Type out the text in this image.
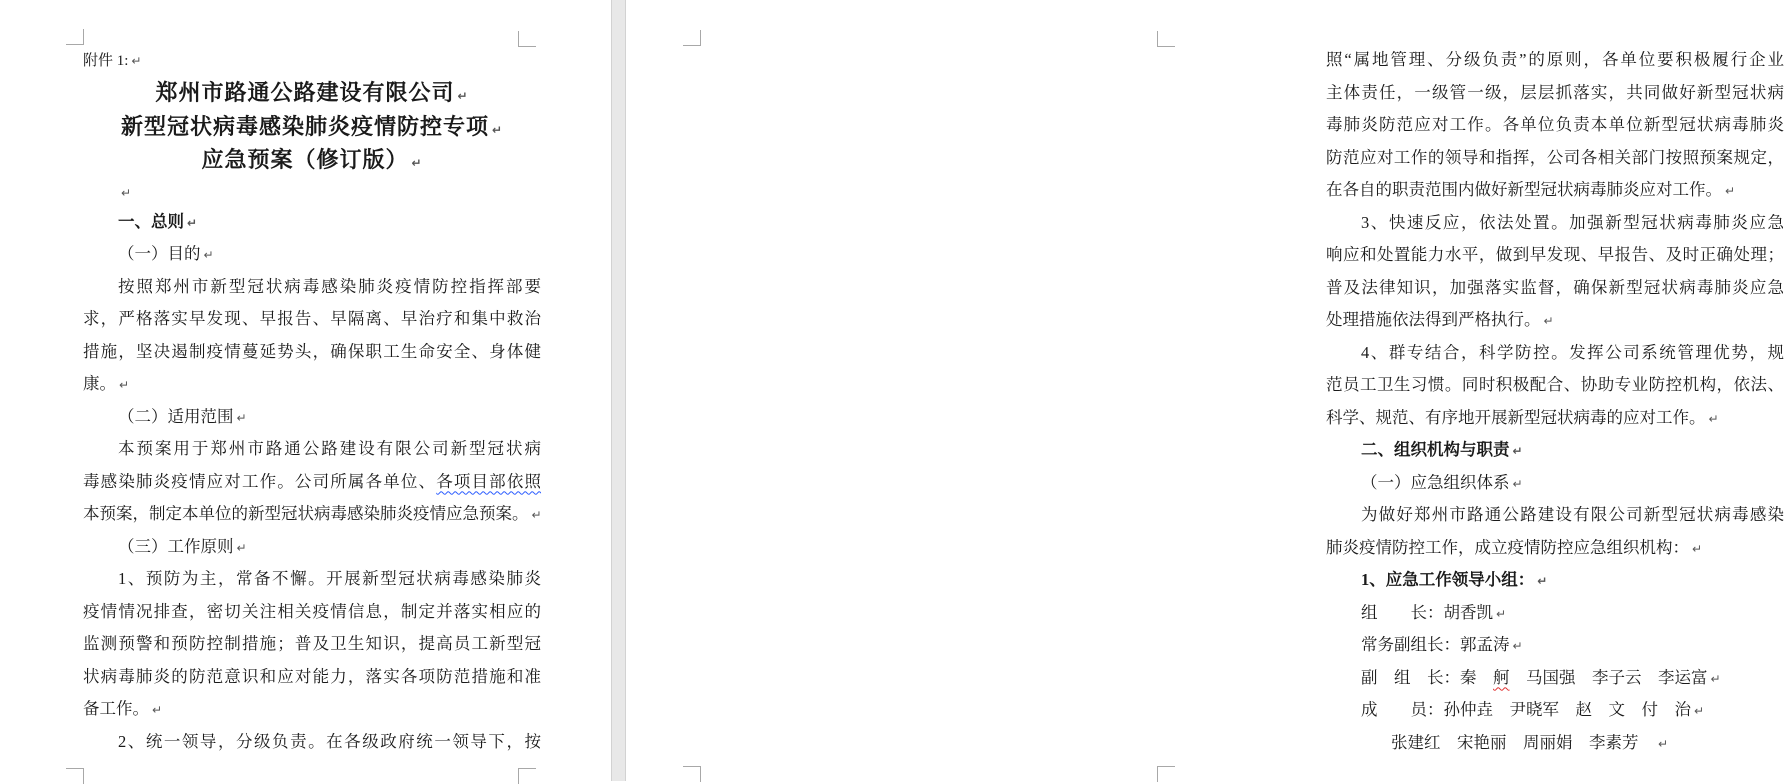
附件 1: ↵
郑州市路通公路建设有限公司 ↵
新型冠状病毒感染肺炎疫情防控专项 ↵
应急预案（修订版） ↵
↵
一、总则 ↵
（一）目的 ↵
按照郑州市新型冠状病毒感染肺炎疫情防控指挥部要
求，严格落实早发现、早报告、早隔离、早治疗和集中救治
措施，坚决遏制疫情蔓延势头，确保职工生命安全、身体健
康。 ↵
（二）适用范围 ↵
本预案用于郑州市路通公路建设有限公司新型冠状病
毒感染肺炎疫情应对工作。公司所属各单位、各项目部依照
本预案，制定本单位的新型冠状病毒感染肺炎疫情应急预案。 ↵
（三）工作原则 ↵
1、预防为主，常备不懈。开展新型冠状病毒感染肺炎
疫情情况排查，密切关注相关疫情信息，制定并落实相应的
监测预警和预防控制措施；普及卫生知识，提高员工新型冠
状病毒肺炎的防范意识和应对能力，落实各项防范措施和准
备工作。 ↵
2、统一领导，分级负责。在各级政府统一领导下，按
照“属地管理、分级负责”的原则，各单位要积极履行企业
主体责任，一级管一级，层层抓落实，共同做好新型冠状病
毒肺炎防范应对工作。各单位负责本单位新型冠状病毒肺炎
防范应对工作的领导和指挥，公司各相关部门按照预案规定，
在各自的职责范围内做好新型冠状病毒肺炎应对工作。 ↵
3、快速反应，依法处置。加强新型冠状病毒肺炎应急
响应和处置能力水平，做到早发现、早报告、及时正确处理；
普及法律知识，加强落实监督，确保新型冠状病毒肺炎应急
处理措施依法得到严格执行。 ↵
4、群专结合，科学防控。发挥公司系统管理优势，规
范员工卫生习惯。同时积极配合、协助专业防控机构，依法、
科学、规范、有序地开展新型冠状病毒的应对工作。 ↵
二、组织机构与职责 ↵
（一）应急组织体系 ↵
为做好郑州市路通公路建设有限公司新型冠状病毒感染
肺炎疫情防控工作，成立疫情防控应急组织机构： ↵
1、应急工作领导小组： ↵
组　　长：胡香凯 ↵
常务副组长：郭孟涛 ↵
副　组　长：秦　舸　马国强　李子云　李运富 ↵
成　　员：孙仲垚　尹晓军　赵　文　付　治 ↵
张建红　宋艳丽　周丽娟　李素芳　↵
